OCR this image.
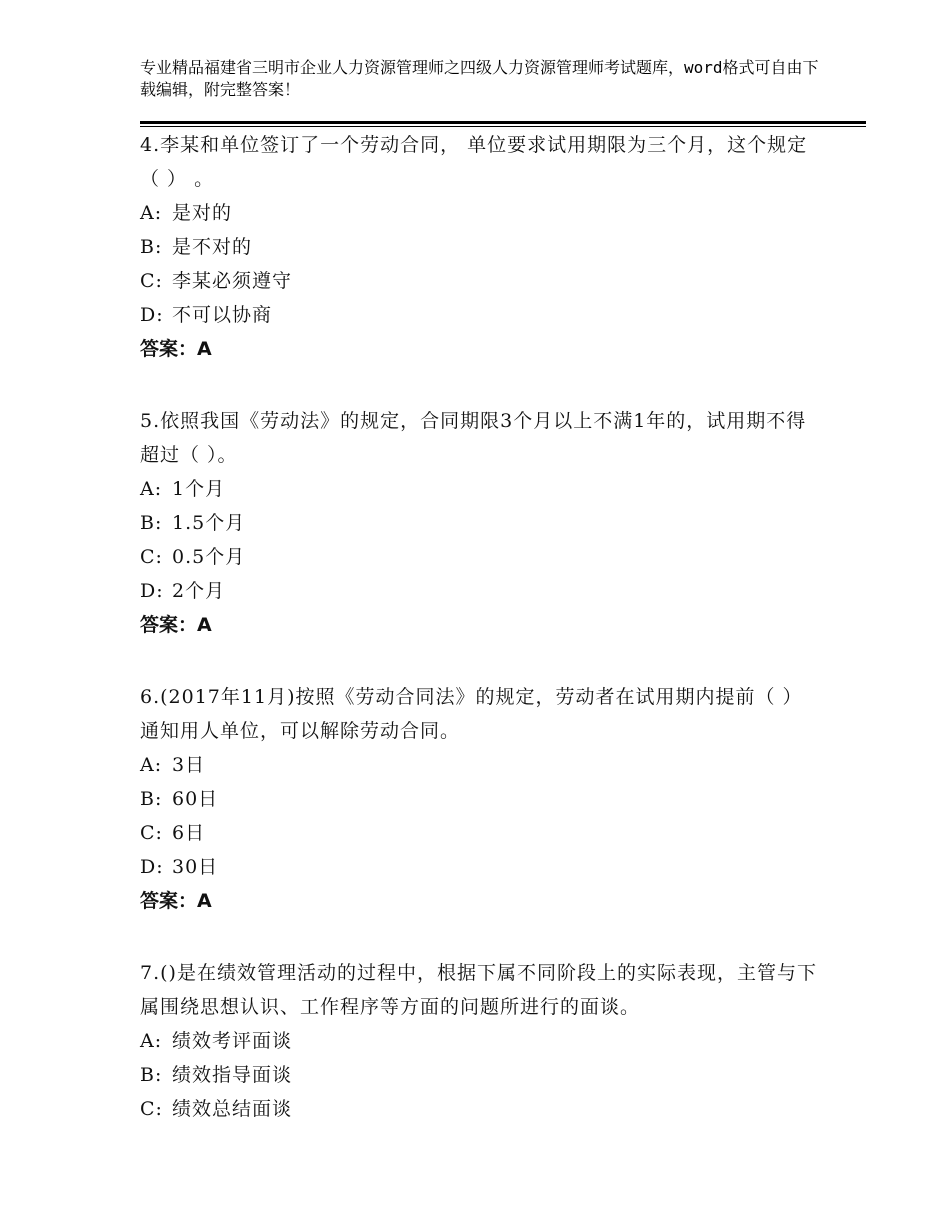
专业精品福建省三明市企业人力资源管理师之四级人力资源管理师考试题库，word格式可自由下载编辑，附完整答案！

4.李某和单位签订了一个劳动合同， 单位要求试用期限为三个月，这个规定（ ） 。

A: 是对的
B: 是不对的
C: 李某必须遵守
D: 不可以协商
答案：A

5.依照我国《劳动法》的规定，合同期限3个月以上不满1年的，试用期不得超过（ ）。

A: 1个月
B: 1.5个月
C: 0.5个月
D: 2个月
答案：A

6.(2017年11月)按照《劳动合同法》的规定，劳动者在试用期内提前（ ）通知用人单位，可以解除劳动合同。

A: 3日
B: 60日
C: 6日
D: 30日
答案：A

7.()是在绩效管理活动的过程中，根据下属不同阶段上的实际表现，主管与下属围绕思想认识、工作程序等方面的问题所进行的面谈。

A: 绩效考评面谈
B: 绩效指导面谈
C: 绩效总结面谈
